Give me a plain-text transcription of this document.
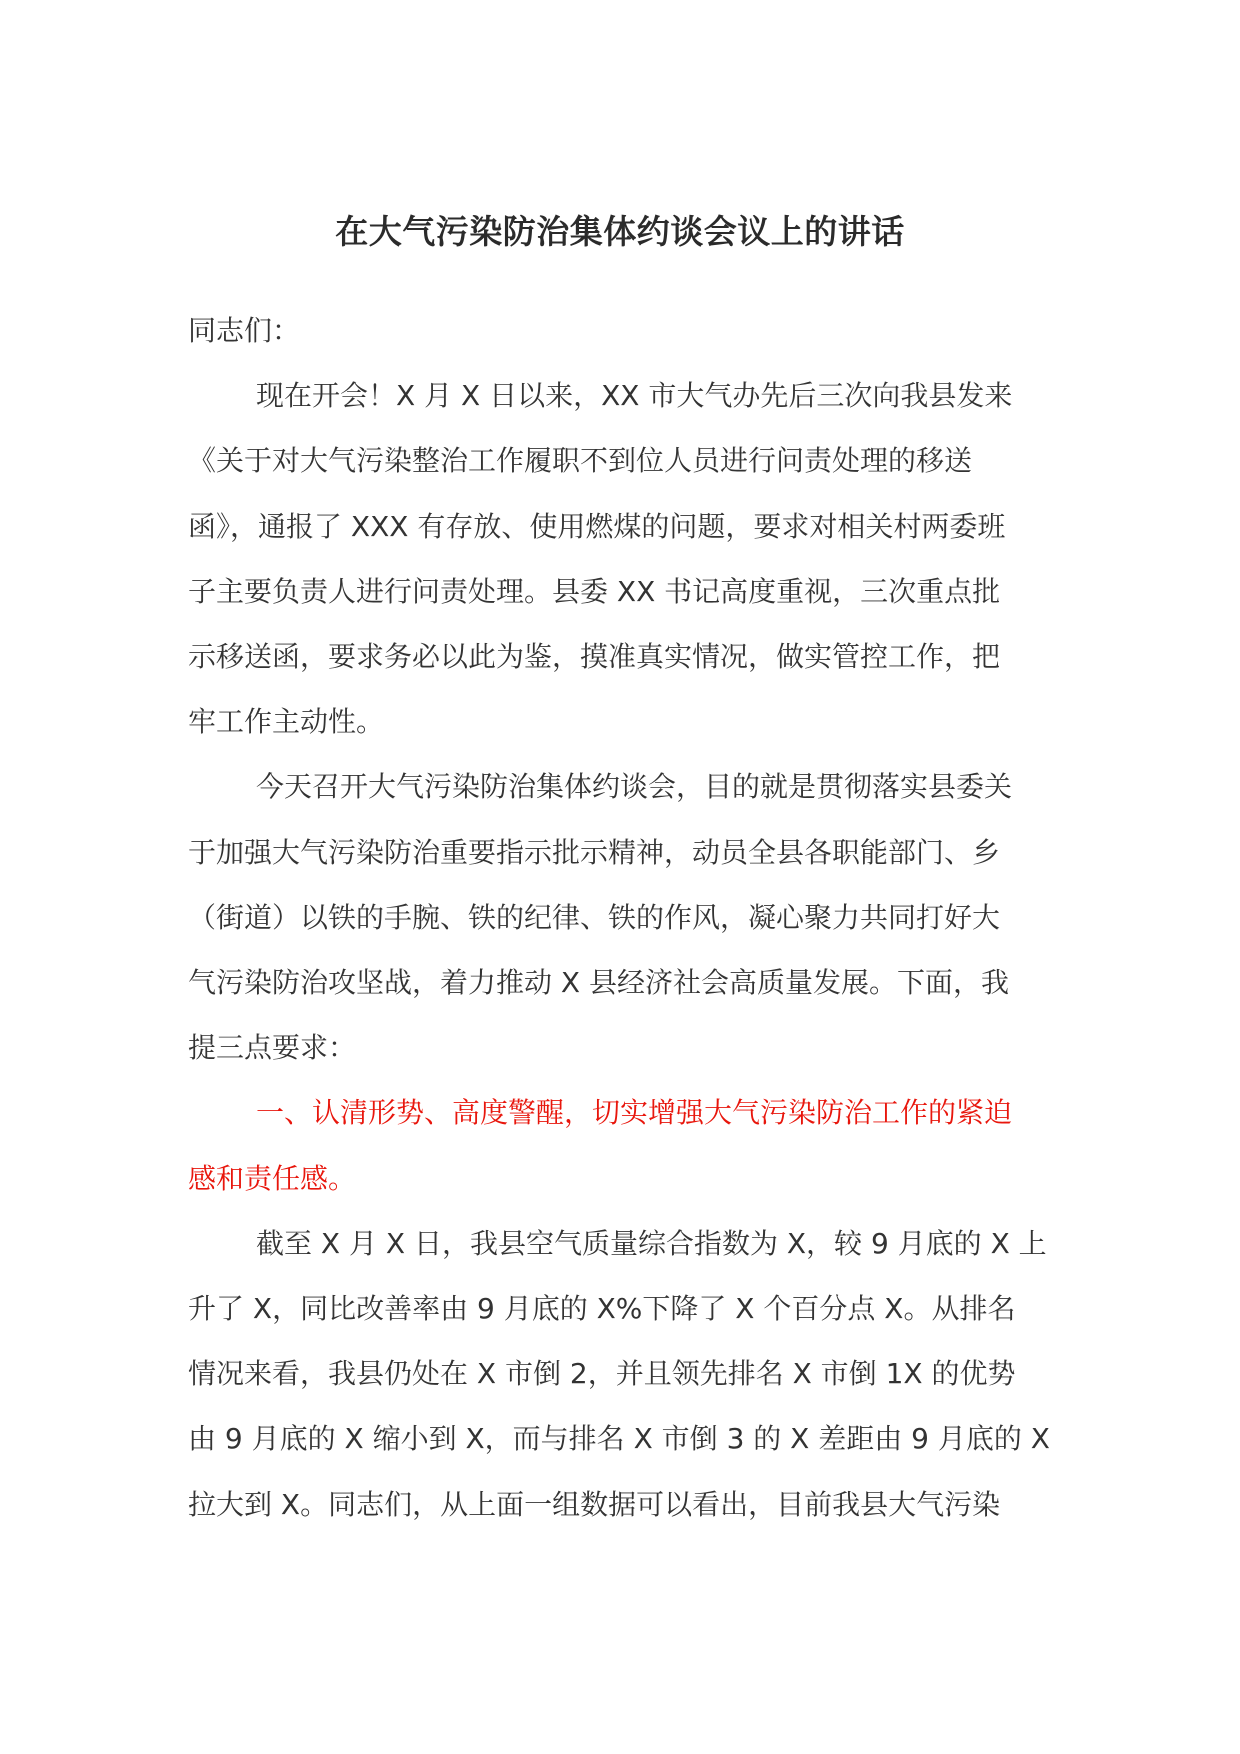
在大气污染防治集体约谈会议上的讲话

同志们：

现在开会！X 月 X 日以来，XX 市大气办先后三次向我县发来
《关于对大气污染整治工作履职不到位人员进行问责处理的移送
函》，通报了 XXX 有存放、使用燃煤的问题，要求对相关村两委班
子主要负责人进行问责处理。县委 XX 书记高度重视，三次重点批
示移送函，要求务必以此为鉴，摸准真实情况，做实管控工作，把
牢工作主动性。

今天召开大气污染防治集体约谈会，目的就是贯彻落实县委关
于加强大气污染防治重要指示批示精神，动员全县各职能部门、乡
（街道）以铁的手腕、铁的纪律、铁的作风，凝心聚力共同打好大
气污染防治攻坚战，着力推动 X 县经济社会高质量发展。下面，我
提三点要求：

一、认清形势、高度警醒，切实增强大气污染防治工作的紧迫
感和责任感。

截至 X 月 X 日，我县空气质量综合指数为 X，较 9 月底的 X 上
升了 X，同比改善率由 9 月底的 X%下降了 X 个百分点 X。从排名
情况来看，我县仍处在 X 市倒 2，并且领先排名 X 市倒 1X 的优势
由 9 月底的 X 缩小到 X，而与排名 X 市倒 3 的 X 差距由 9 月底的 X
拉大到 X。同志们，从上面一组数据可以看出，目前我县大气污染
